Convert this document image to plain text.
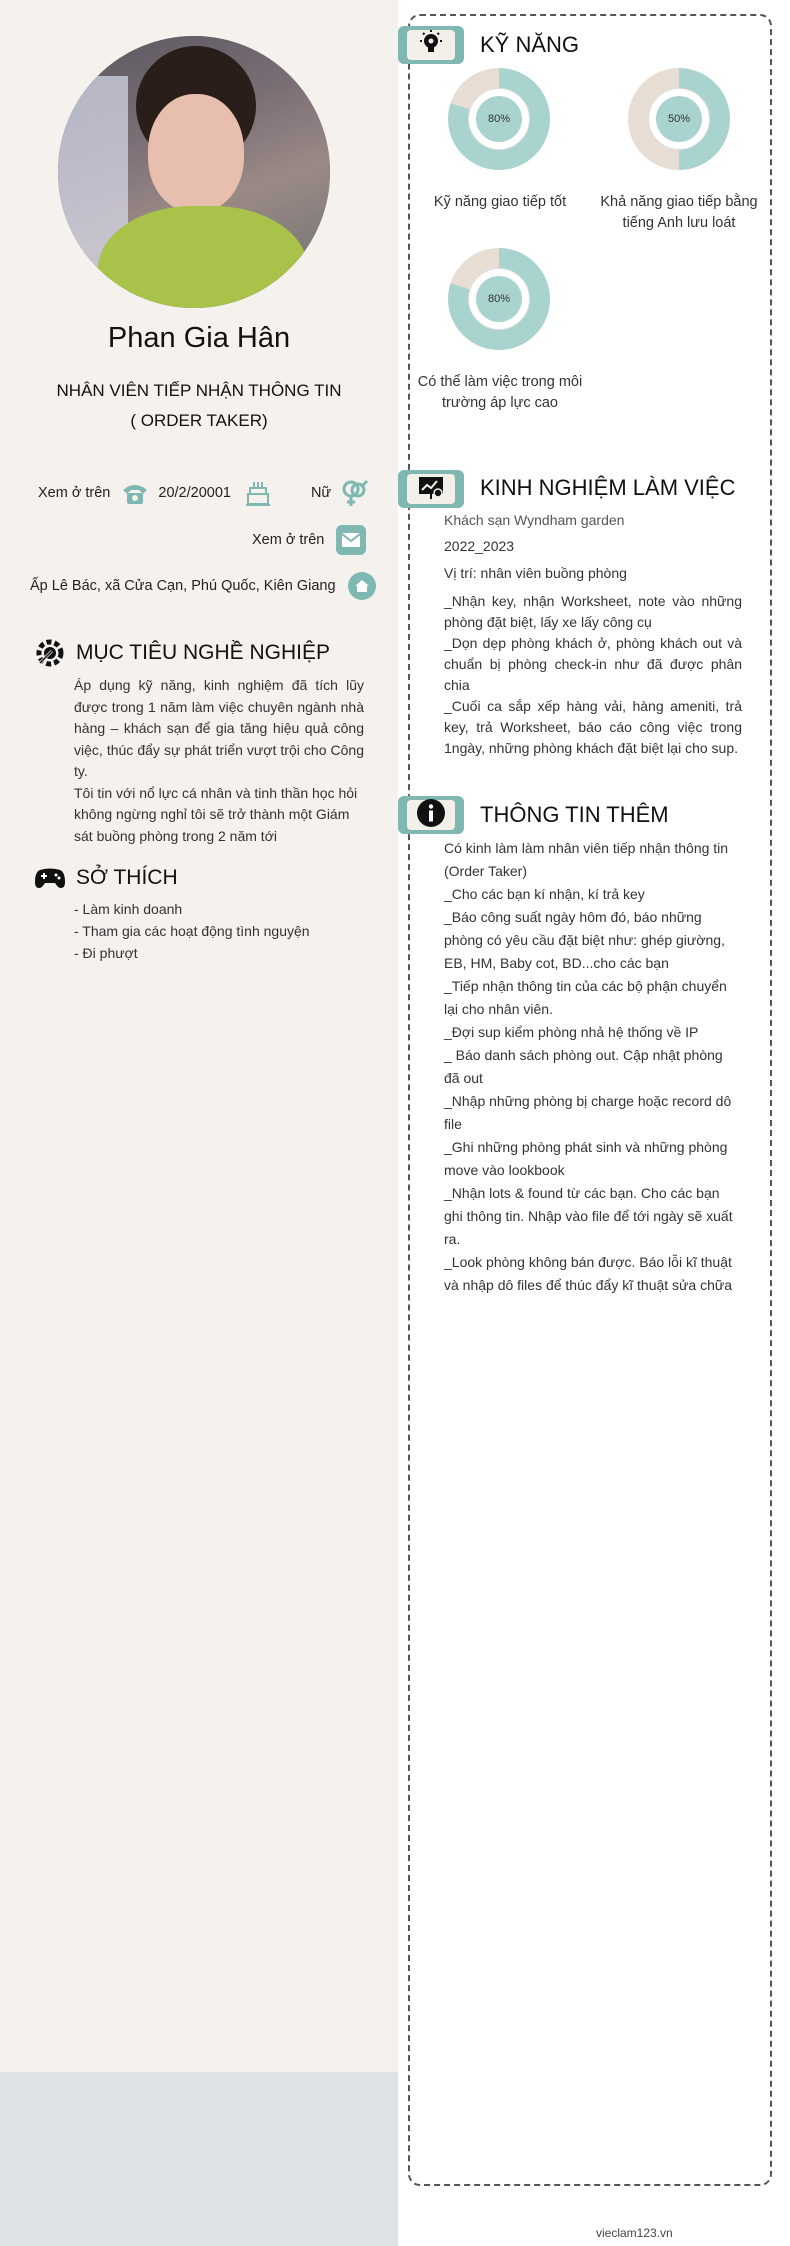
Phan Gia Hân
NHÂN VIÊN TIẾP NHẬN THÔNG TIN
( ORDER TAKER)
Xem ở trên	20/2/20001	Nữ
Xem ở trên
Ấp Lê Bác, xã Cửa Cạn, Phú Quốc, Kiên Giang
MỤC TIÊU NGHỀ NGHIỆP
Áp dụng kỹ năng, kinh nghiệm đã tích lũy được trong 1 năm làm việc chuyên ngành nhà hàng – khách sạn để gia tăng hiệu quả công việc, thúc đẩy sự phát triển vượt trội cho Công ty.
Tôi tin với nổ lực cá nhân và tinh thần học hỏi không ngừng nghỉ tôi sẽ trở thành một Giám sát buồng phòng trong 2 năm tới
SỞ THÍCH
- Làm kinh doanh
- Tham gia các hoạt động tình nguyện
- Đi phượt
KỸ NĂNG
80%
Kỹ năng giao tiếp tốt
50%
Khả năng giao tiếp bằng tiếng Anh lưu loát
80%
Có thể làm việc trong môi trường áp lực cao
KINH NGHIỆM LÀM VIỆC
Khách sạn Wyndham garden
2022_2023
Vị trí: nhân viên buồng phòng
_Nhận key, nhận Worksheet, note vào những phòng đặt biệt, lấy xe lấy công cụ
_Dọn dẹp phòng khách ở, phòng khách out và chuẩn bị phòng check-in như đã được phân chia
_Cuối ca sắp xếp hàng vải, hàng ameniti, trả key, trả Worksheet, báo cáo công việc trong 1ngày, những phòng khách đặt biệt lại cho sup.
THÔNG TIN THÊM
Có kinh làm làm nhân viên tiếp nhận thông tin (Order Taker)
_Cho các bạn kí nhận, kí trả key
_Báo công suất ngày hôm đó, báo những phòng có yêu cầu đặt biệt như: ghép giường, EB, HM, Baby cot, BD...cho các bạn
_Tiếp nhận thông tin của các bộ phận chuyển lại cho nhân viên.
_Đợi sup kiểm phòng nhả hệ thống về IP
_ Báo danh sách phòng out. Cập nhật phòng đã out
_Nhập những phòng bị charge hoặc record dô file
_Ghi những phòng phát sinh và những phòng move vào lookbook
_Nhận lots & found từ các bạn. Cho các bạn ghi thông tin. Nhập vào file để tới ngày sẽ xuất ra.
_Look phòng không bán được. Báo lỗi kĩ thuật và nhập dô files để thúc đẩy kĩ thuật sửa chữa
vieclam123.vn
